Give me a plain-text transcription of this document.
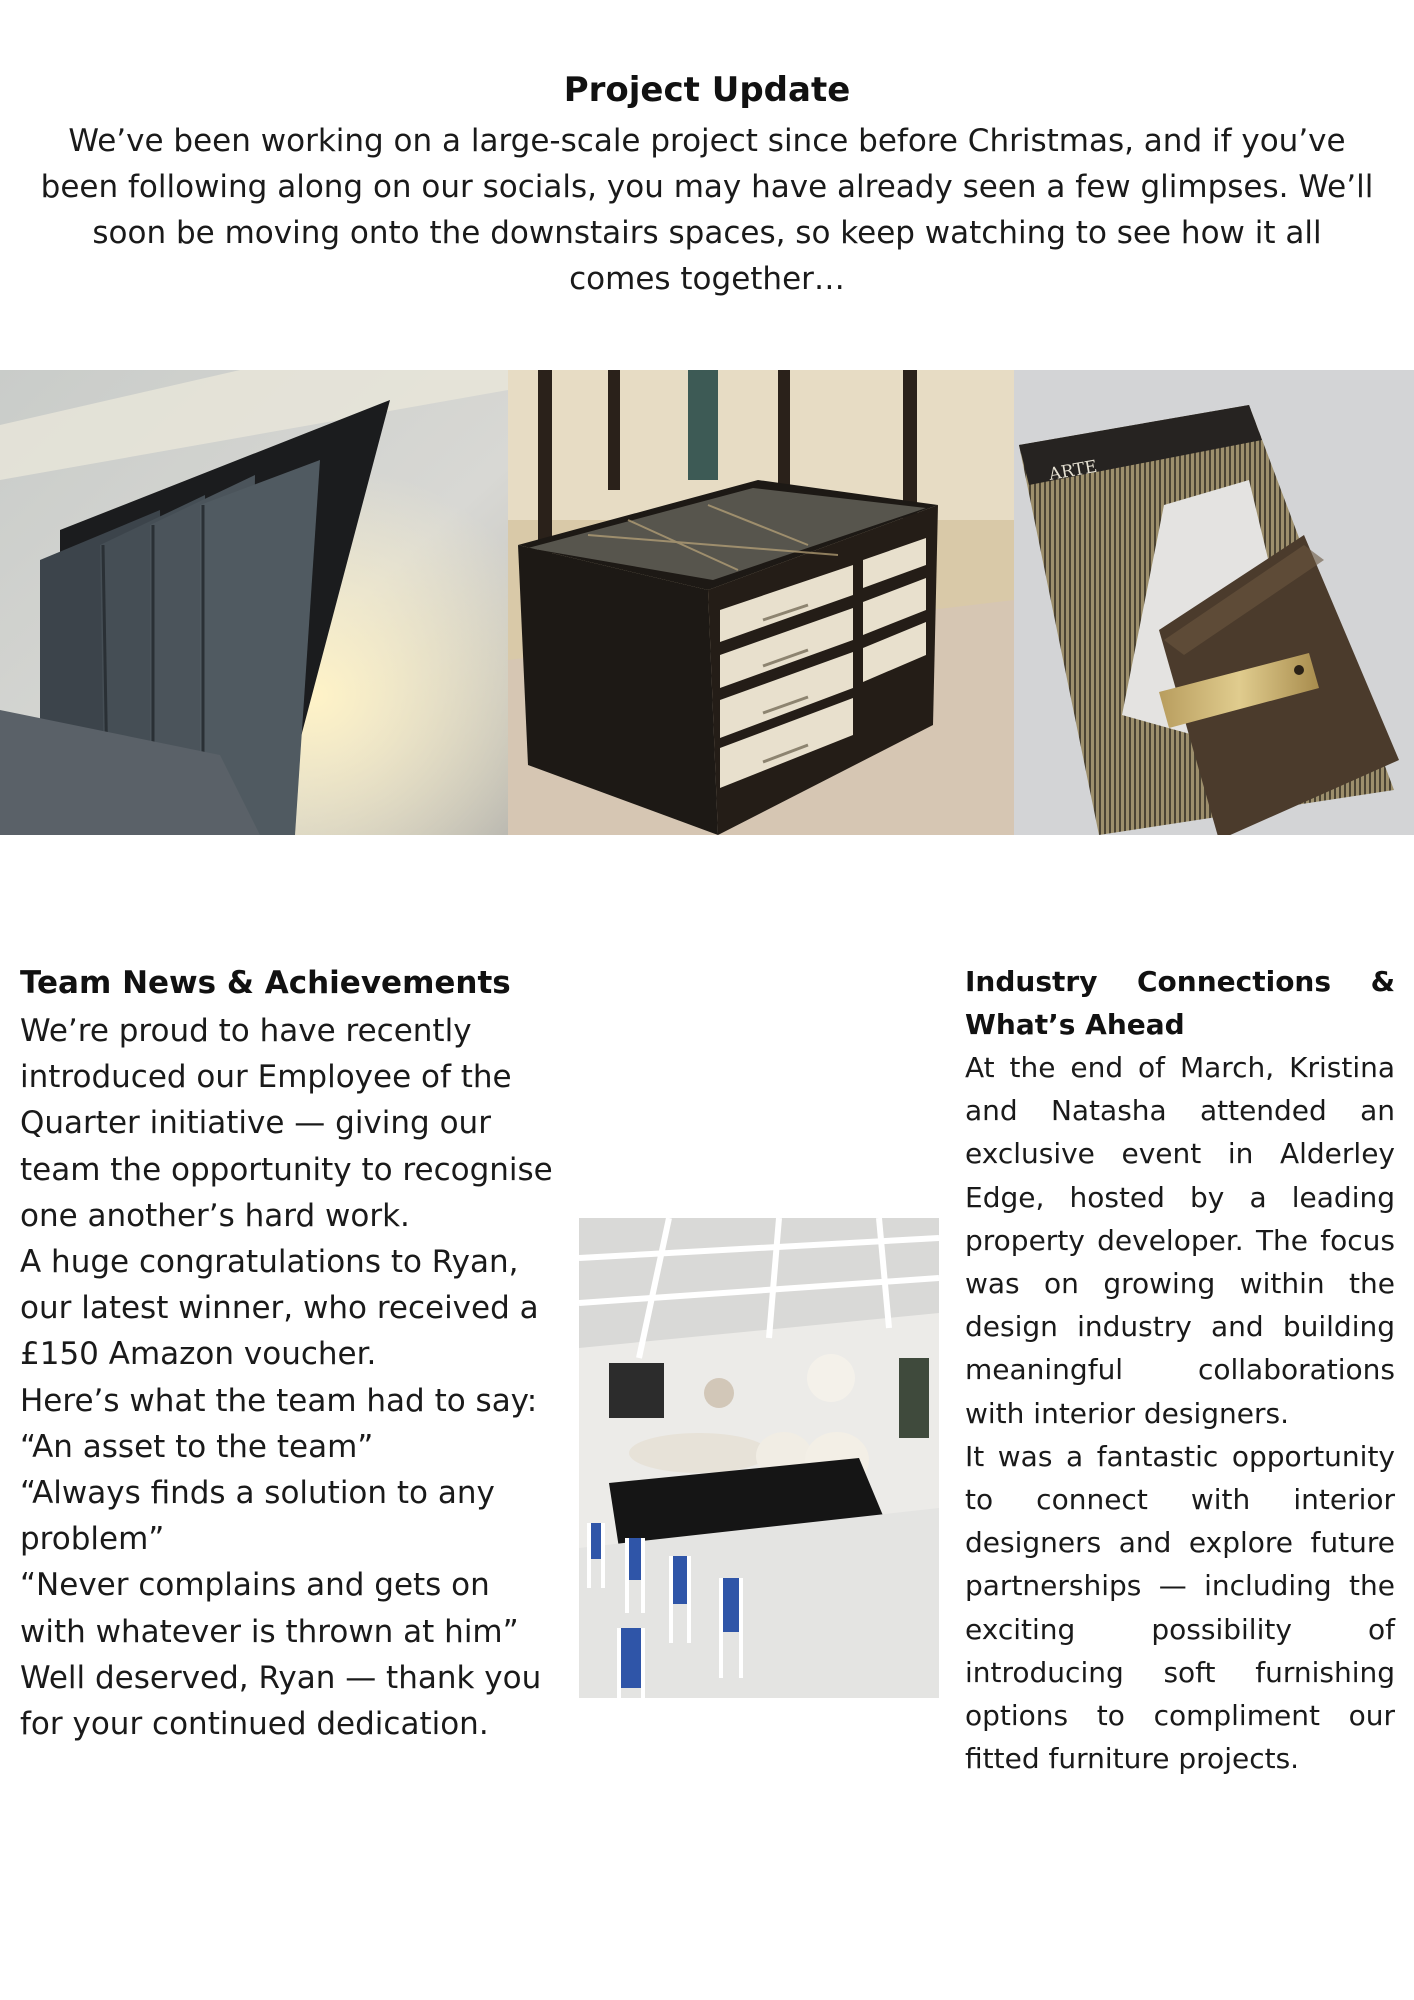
Project Update

We’ve been working on a large-scale project since before Christmas, and if you’ve been following along on our socials, you may have already seen a few glimpses. We’ll soon be moving onto the downstairs spaces, so keep watching to see how it all comes together…

ARTE
Team News & Achievements

We’re proud to have recently introduced our Employee of the Quarter initiative — giving our team the opportunity to recognise one another’s hard work.

A huge congratulations to Ryan, our latest winner, who received a £150 Amazon voucher.

Here’s what the team had to say:

“An asset to the team”

“Always finds a solution to any problem”

“Never complains and gets on with whatever is thrown at him”

Well deserved, Ryan — thank you for your continued dedication.

Industry Connections & What’s Ahead

At the end of March, Kristina and Natasha attended an exclusive event in Alderley Edge, hosted by a leading property developer. The focus was on growing within the design industry and building meaningful collaborations with interior designers.

It was a fantastic opportunity to connect with interior designers and explore future partnerships — including the exciting possibility of introducing soft furnishing options to compliment our fitted furniture projects.
